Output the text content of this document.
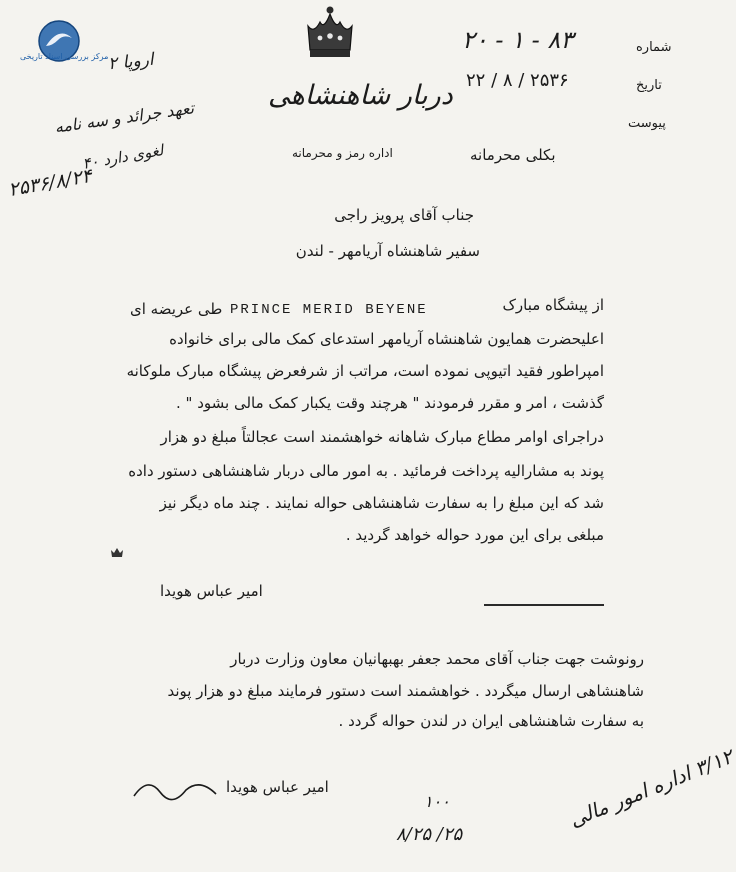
مرکز بررسی اسناد تاریخی
دربار شاهنشاهی
اداره رمز و محرمانه
شماره
تاریخ
پیوست
۸۳ - ۱ - ۲۰
۲۵۳۶ / ۸ / ۲۲
بکلی محرمانه
اروپا ۲
تعهد جرائد و سه نامه
لغوی دارد ۴۰
۲۵۳۶/۸/۲۴
جناب آقای پرویز راجی
سفیر شاهنشاه آریامهر - لندن
از پیشگاه مبارک
PRINCE MERID BEYENE
طی عریضه ای
اعلیحضرت همایون شاهنشاه آریامهر استدعای کمک مالی برای خانواده
امپراطور فقید اتیوپی نموده است، مراتب از شرفعرض پیشگاه مبارک ملوکانه
گذشت ، امر و مقرر فرمودند " هرچند وقت یکبار کمک مالی بشود " .
دراجرای اوامر مطاع مبارک شاهانه خواهشمند است عجالتاً مبلغ دو هزار
پوند به مشارالیه پرداخت فرمائید . به امور مالی دربار شاهنشاهی دستور داده
شد که این مبلغ را به سفارت شاهنشاهی حواله نمایند . چند ماه دیگر نیز
مبلغی برای این مورد حواله خواهد گردید .
امیر عباس هویدا
رونوشت جهت جناب آقای محمد جعفر بهبهانیان معاون وزارت دربار
شاهنشاهی ارسال میگردد . خواهشمند است دستور فرمایند مبلغ دو هزار پوند
به سفارت شاهنشاهی ایران در لندن حواله گردد .
امیر عباس هویدا
۱۰۰
۲۵/ ۸/۲۵
۳/۱۲ اداره امور مالی
